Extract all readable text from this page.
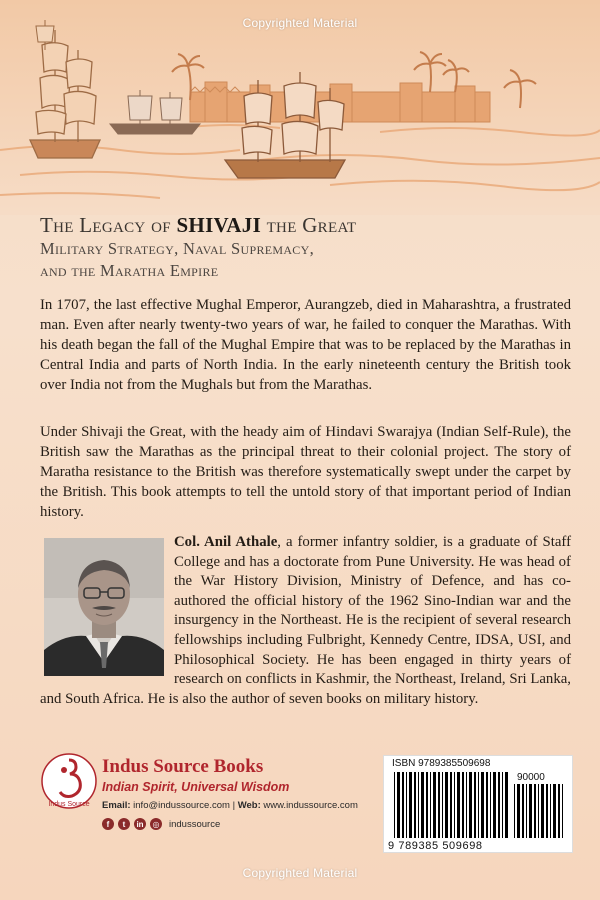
Copyrighted Material
The Legacy of SHIVAJI the Great
Military Strategy, Naval Supremacy,
and the Maratha Empire

In 1707, the last effective Mughal Emperor, Aurangzeb, died in Maharashtra, a frustrated man. Even after nearly twenty-two years of war, he failed to conquer the Marathas. With his death began the fall of the Mughal Empire that was to be replaced by the Marathas in Central India and parts of North India. In the early nineteenth century the British took over India not from the Mughals but from the Marathas.

Under Shivaji the Great, with the heady aim of Hindavi Swarajya (Indian Self-Rule), the British saw the Marathas as the principal threat to their colonial project. The story of Maratha resistance to the British was therefore systematically swept under the carpet by the British. This book attempts to tell the untold story of that important period of Indian history.

Col. Anil Athale, a former infantry soldier, is a graduate of Staff College and has a doctorate from Pune University. He was head of the War History Division, Ministry of Defence, and has co-authored the official history of the 1962 Sino-Indian war and the insurgency in the Northeast. He is the recipient of several research fellowships including Fulbright, Kennedy Centre, IDSA, USI, and Philosophical Society. He has been engaged in thirty years of research on conflicts in Kashmir, the Northeast, Ireland, Sri Lanka, and South Africa. He is also the author of seven books on military history.

Indus Source
Indus Source Books
Indian Spirit, Universal Wisdom
Email: info@indussource.com | Web: www.indussource.com
f	t	in	◎ indussource
ISBN 9789385509698
90000
9 789385 509698
Copyrighted Material
